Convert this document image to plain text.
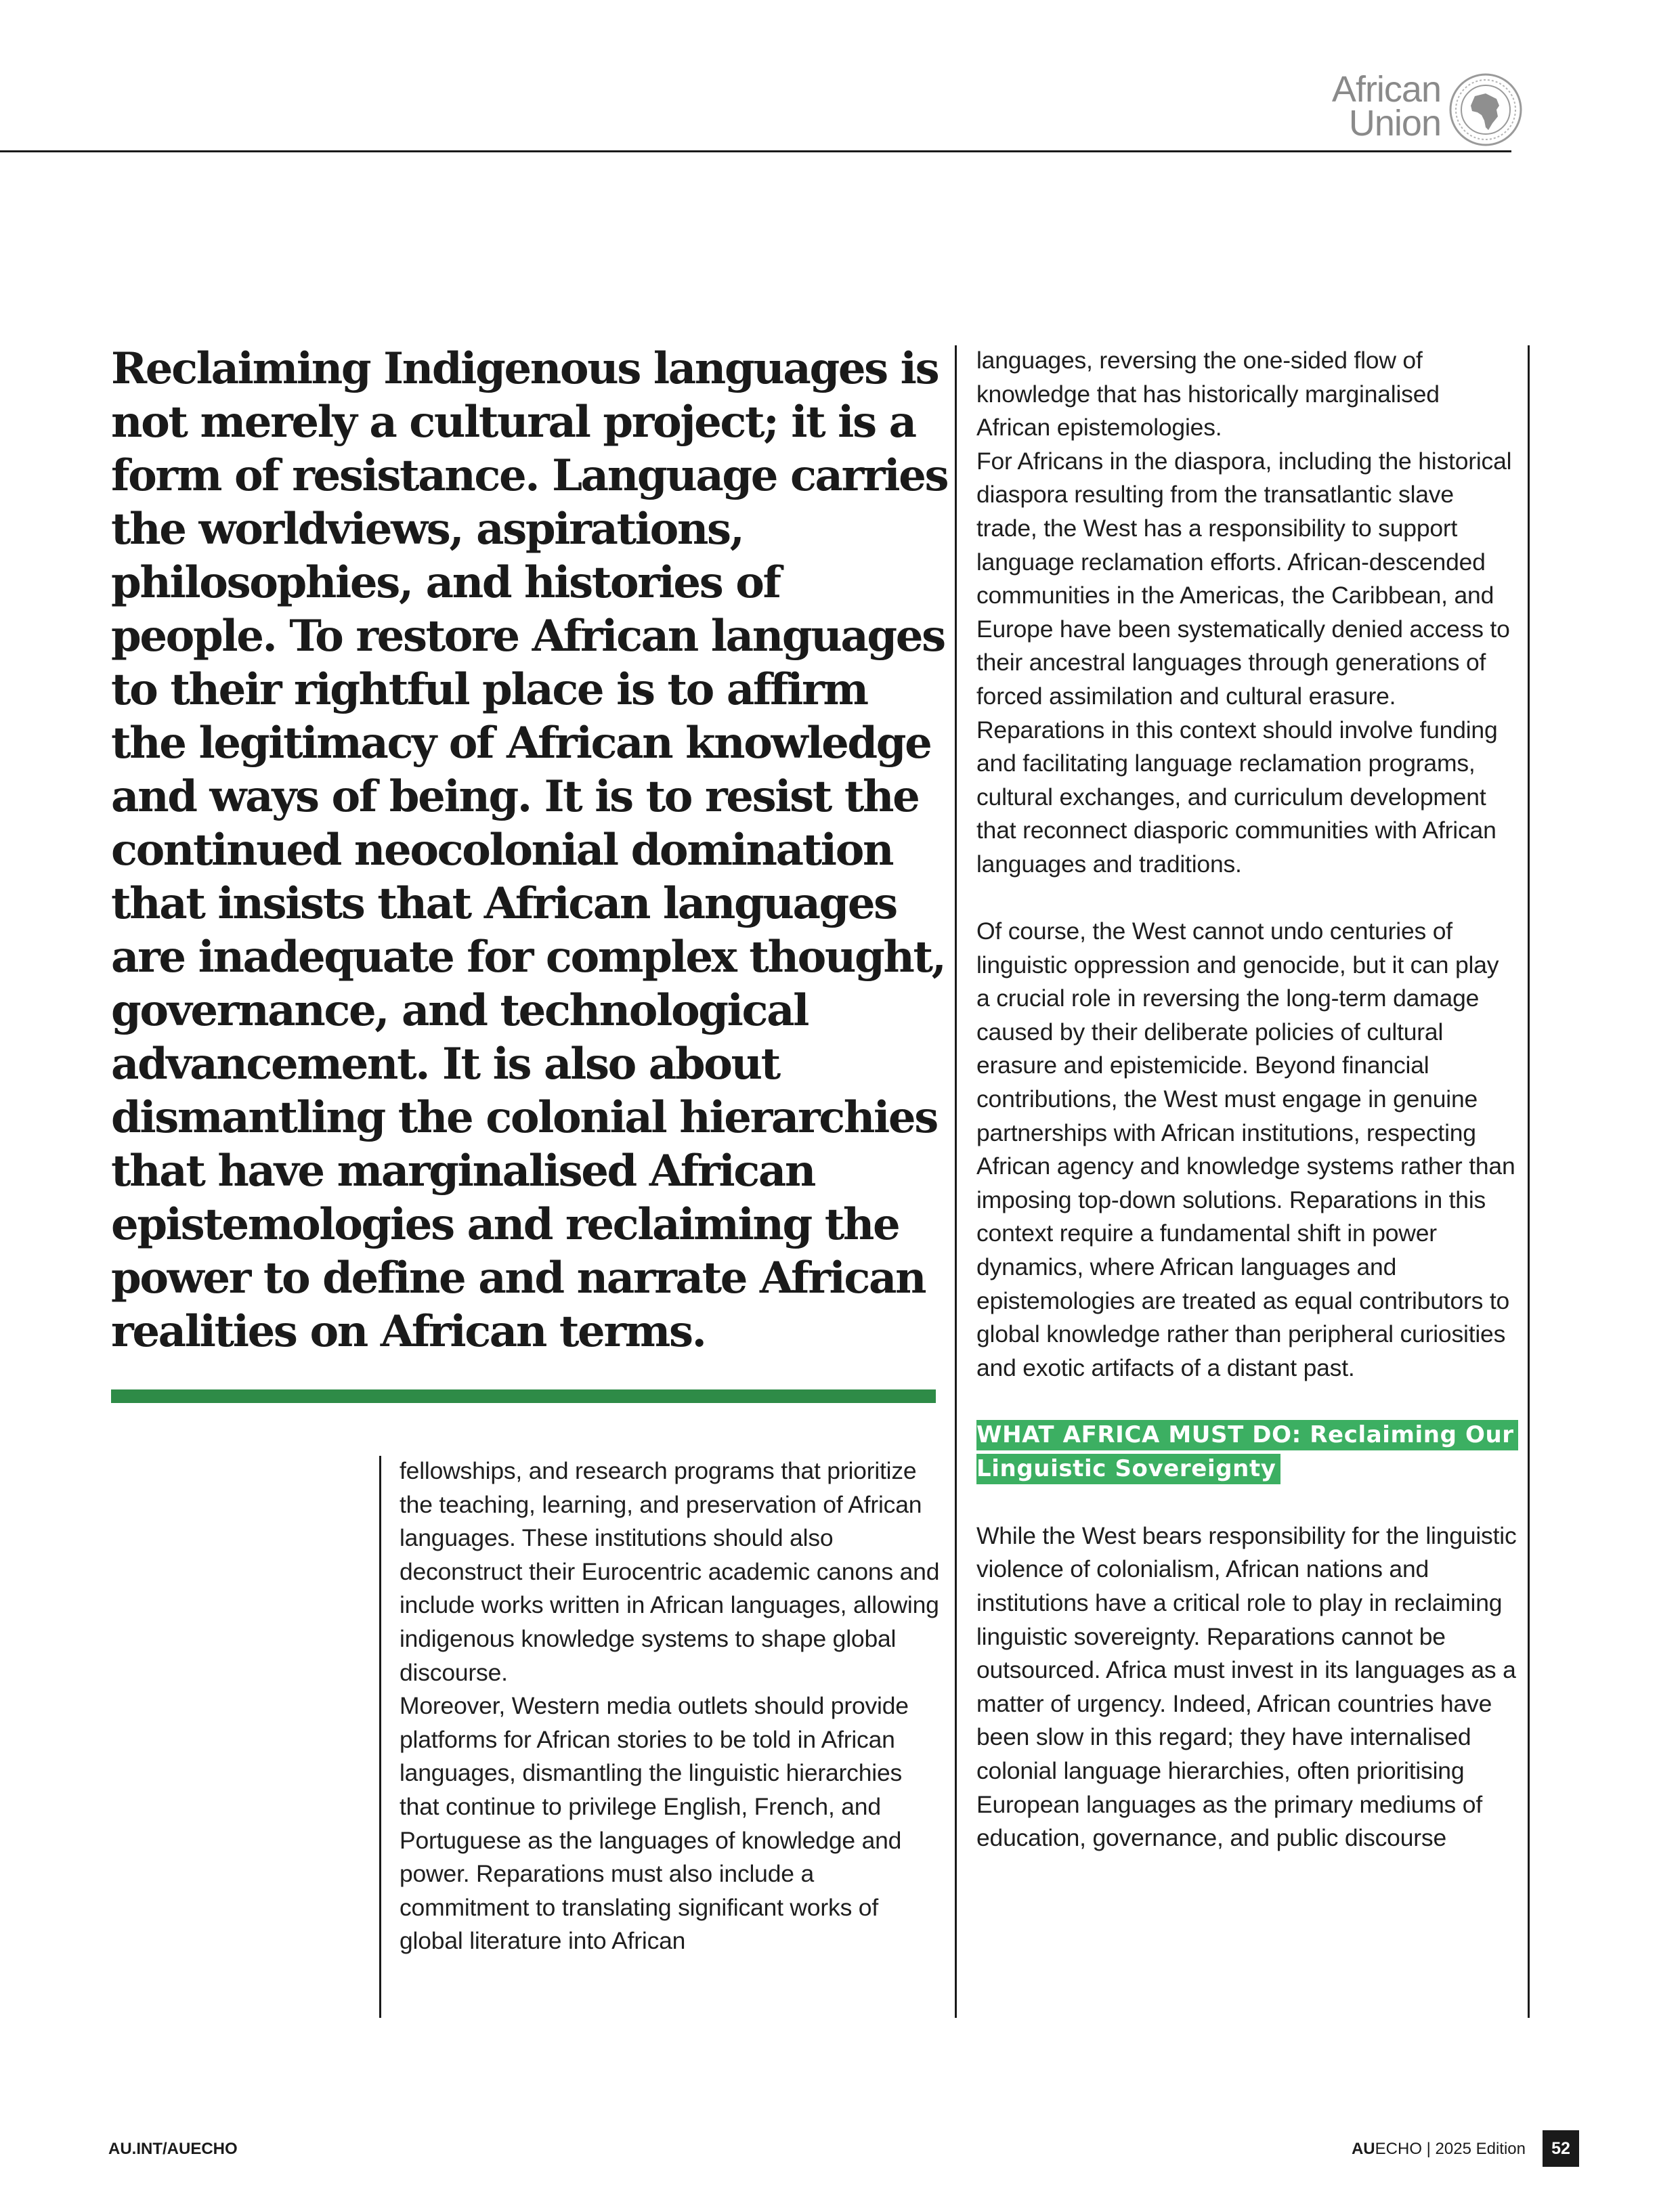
African
Union

Reclaiming Indigenous languages is not merely a cultural project; it is a form of resistance. Language carries the worldviews, aspirations, philosophies, and histories of people. To restore African languages to their rightful place is to affirm the legitimacy of African knowledge and ways of being. It is to resist the continued neocolonial domination that insists that African languages are inadequate for complex thought, governance, and technological advancement. It is also about dismantling the colonial hierarchies that have marginalised African epistemologies and reclaiming the power to define and narrate African realities on African terms.

fellowships, and research programs that prioritize the teaching, learning, and preservation of African languages. These institutions should also deconstruct their Eurocentric academic canons and include works written in African languages, allowing indigenous knowledge systems to shape global discourse.

Moreover, Western media outlets should provide platforms for African stories to be told in African languages, dismantling the linguistic hierarchies that continue to privilege English, French, and Portuguese as the languages of knowledge and power. Reparations must also include a commitment to translating significant works of global literature into African

languages, reversing the one-sided flow of knowledge that has historically marginalised African epistemologies.

For Africans in the diaspora, including the historical diaspora resulting from the transatlantic slave trade, the West has a responsibility to support language reclamation efforts. African-descended communities in the Americas, the Caribbean, and Europe have been systematically denied access to their ancestral languages through generations of forced assimilation and cultural erasure. Reparations in this context should involve funding and facilitating language reclamation programs, cultural exchanges, and curriculum development that reconnect diasporic communities with African languages and traditions.

Of course, the West cannot undo centuries of linguistic oppression and genocide, but it can play a crucial role in reversing the long-term damage caused by their deliberate policies of cultural erasure and epistemicide. Beyond financial contributions, the West must engage in genuine partnerships with African institutions, respecting African agency and knowledge systems rather than imposing top-down solutions. Reparations in this context require a fundamental shift in power dynamics, where African languages and epistemologies are treated as equal contributors to global knowledge rather than peripheral curiosities and exotic artifacts of a distant past.

WHAT AFRICA MUST DO: Reclaiming Our Linguistic Sovereignty

While the West bears responsibility for the linguistic violence of colonialism, African nations and institutions have a critical role to play in reclaiming linguistic sovereignty. Reparations cannot be outsourced. Africa must invest in its languages as a matter of urgency. Indeed, African countries have been slow in this regard; they have internalised colonial language hierarchies, often prioritising European languages as the primary mediums of education, governance, and public discourse

AU.INT/AUECHO	AUECHO | 2025 Edition	52
